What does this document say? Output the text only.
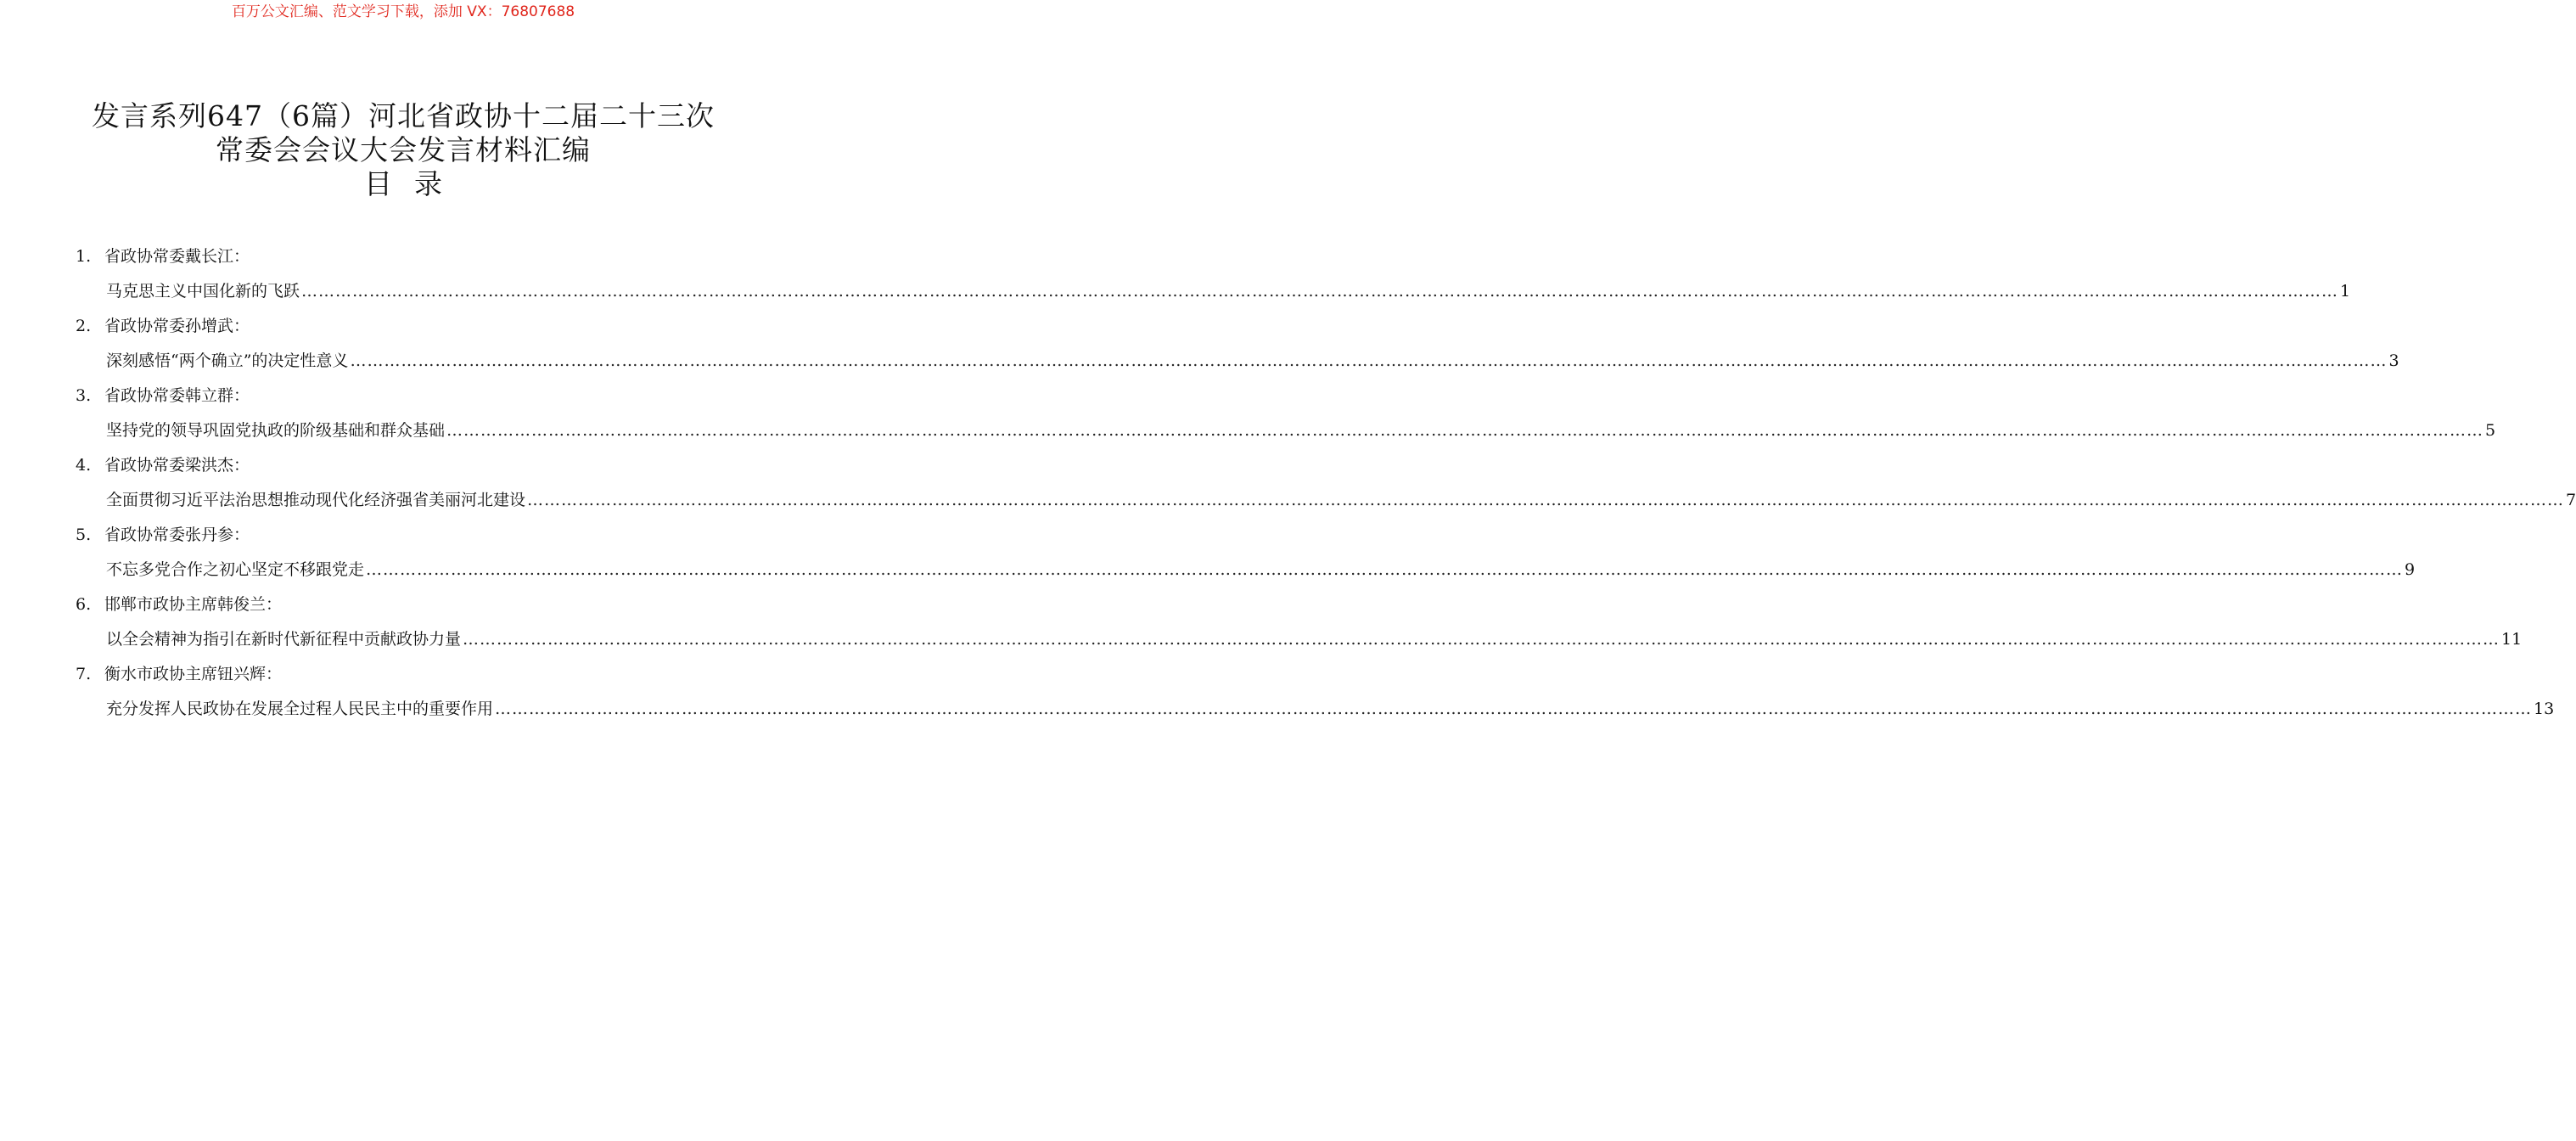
百万公文汇编、范文学习下载，添加 VX：76807688
发言系列647（6篇）河北省政协十二届二十三次
常委会会议大会发言材料汇编
目录
1. 省政协常委戴长江：
马克思主义中国化新的飞跃 ……………………………………………………………………………………………………………………………………………………………………………………………………………………………………………………………………………………………………………………………… 1
2. 省政协常委孙增武：
深刻感悟“两个确立”的决定性意义 ……………………………………………………………………………………………………………………………………………………………………………………………………………………………………………………………………………………………………………………………… 3
3. 省政协常委韩立群：
坚持党的领导巩固党执政的阶级基础和群众基础 ……………………………………………………………………………………………………………………………………………………………………………………………………………………………………………………………………………………………………………………………… 5
4. 省政协常委梁洪杰：
全面贯彻习近平法治思想推动现代化经济强省美丽河北建设 ……………………………………………………………………………………………………………………………………………………………………………………………………………………………………………………………………………………………………………………………… 7
5. 省政协常委张丹参：
不忘多党合作之初心坚定不移跟党走 ……………………………………………………………………………………………………………………………………………………………………………………………………………………………………………………………………………………………………………………………… 9
6. 邯郸市政协主席韩俊兰：
以全会精神为指引在新时代新征程中贡献政协力量 ……………………………………………………………………………………………………………………………………………………………………………………………………………………………………………………………………………………………………………………………… 11
7. 衡水市政协主席钮兴辉：
充分发挥人民政协在发展全过程人民民主中的重要作用 ……………………………………………………………………………………………………………………………………………………………………………………………………………………………………………………………………………………………………………………………… 13
